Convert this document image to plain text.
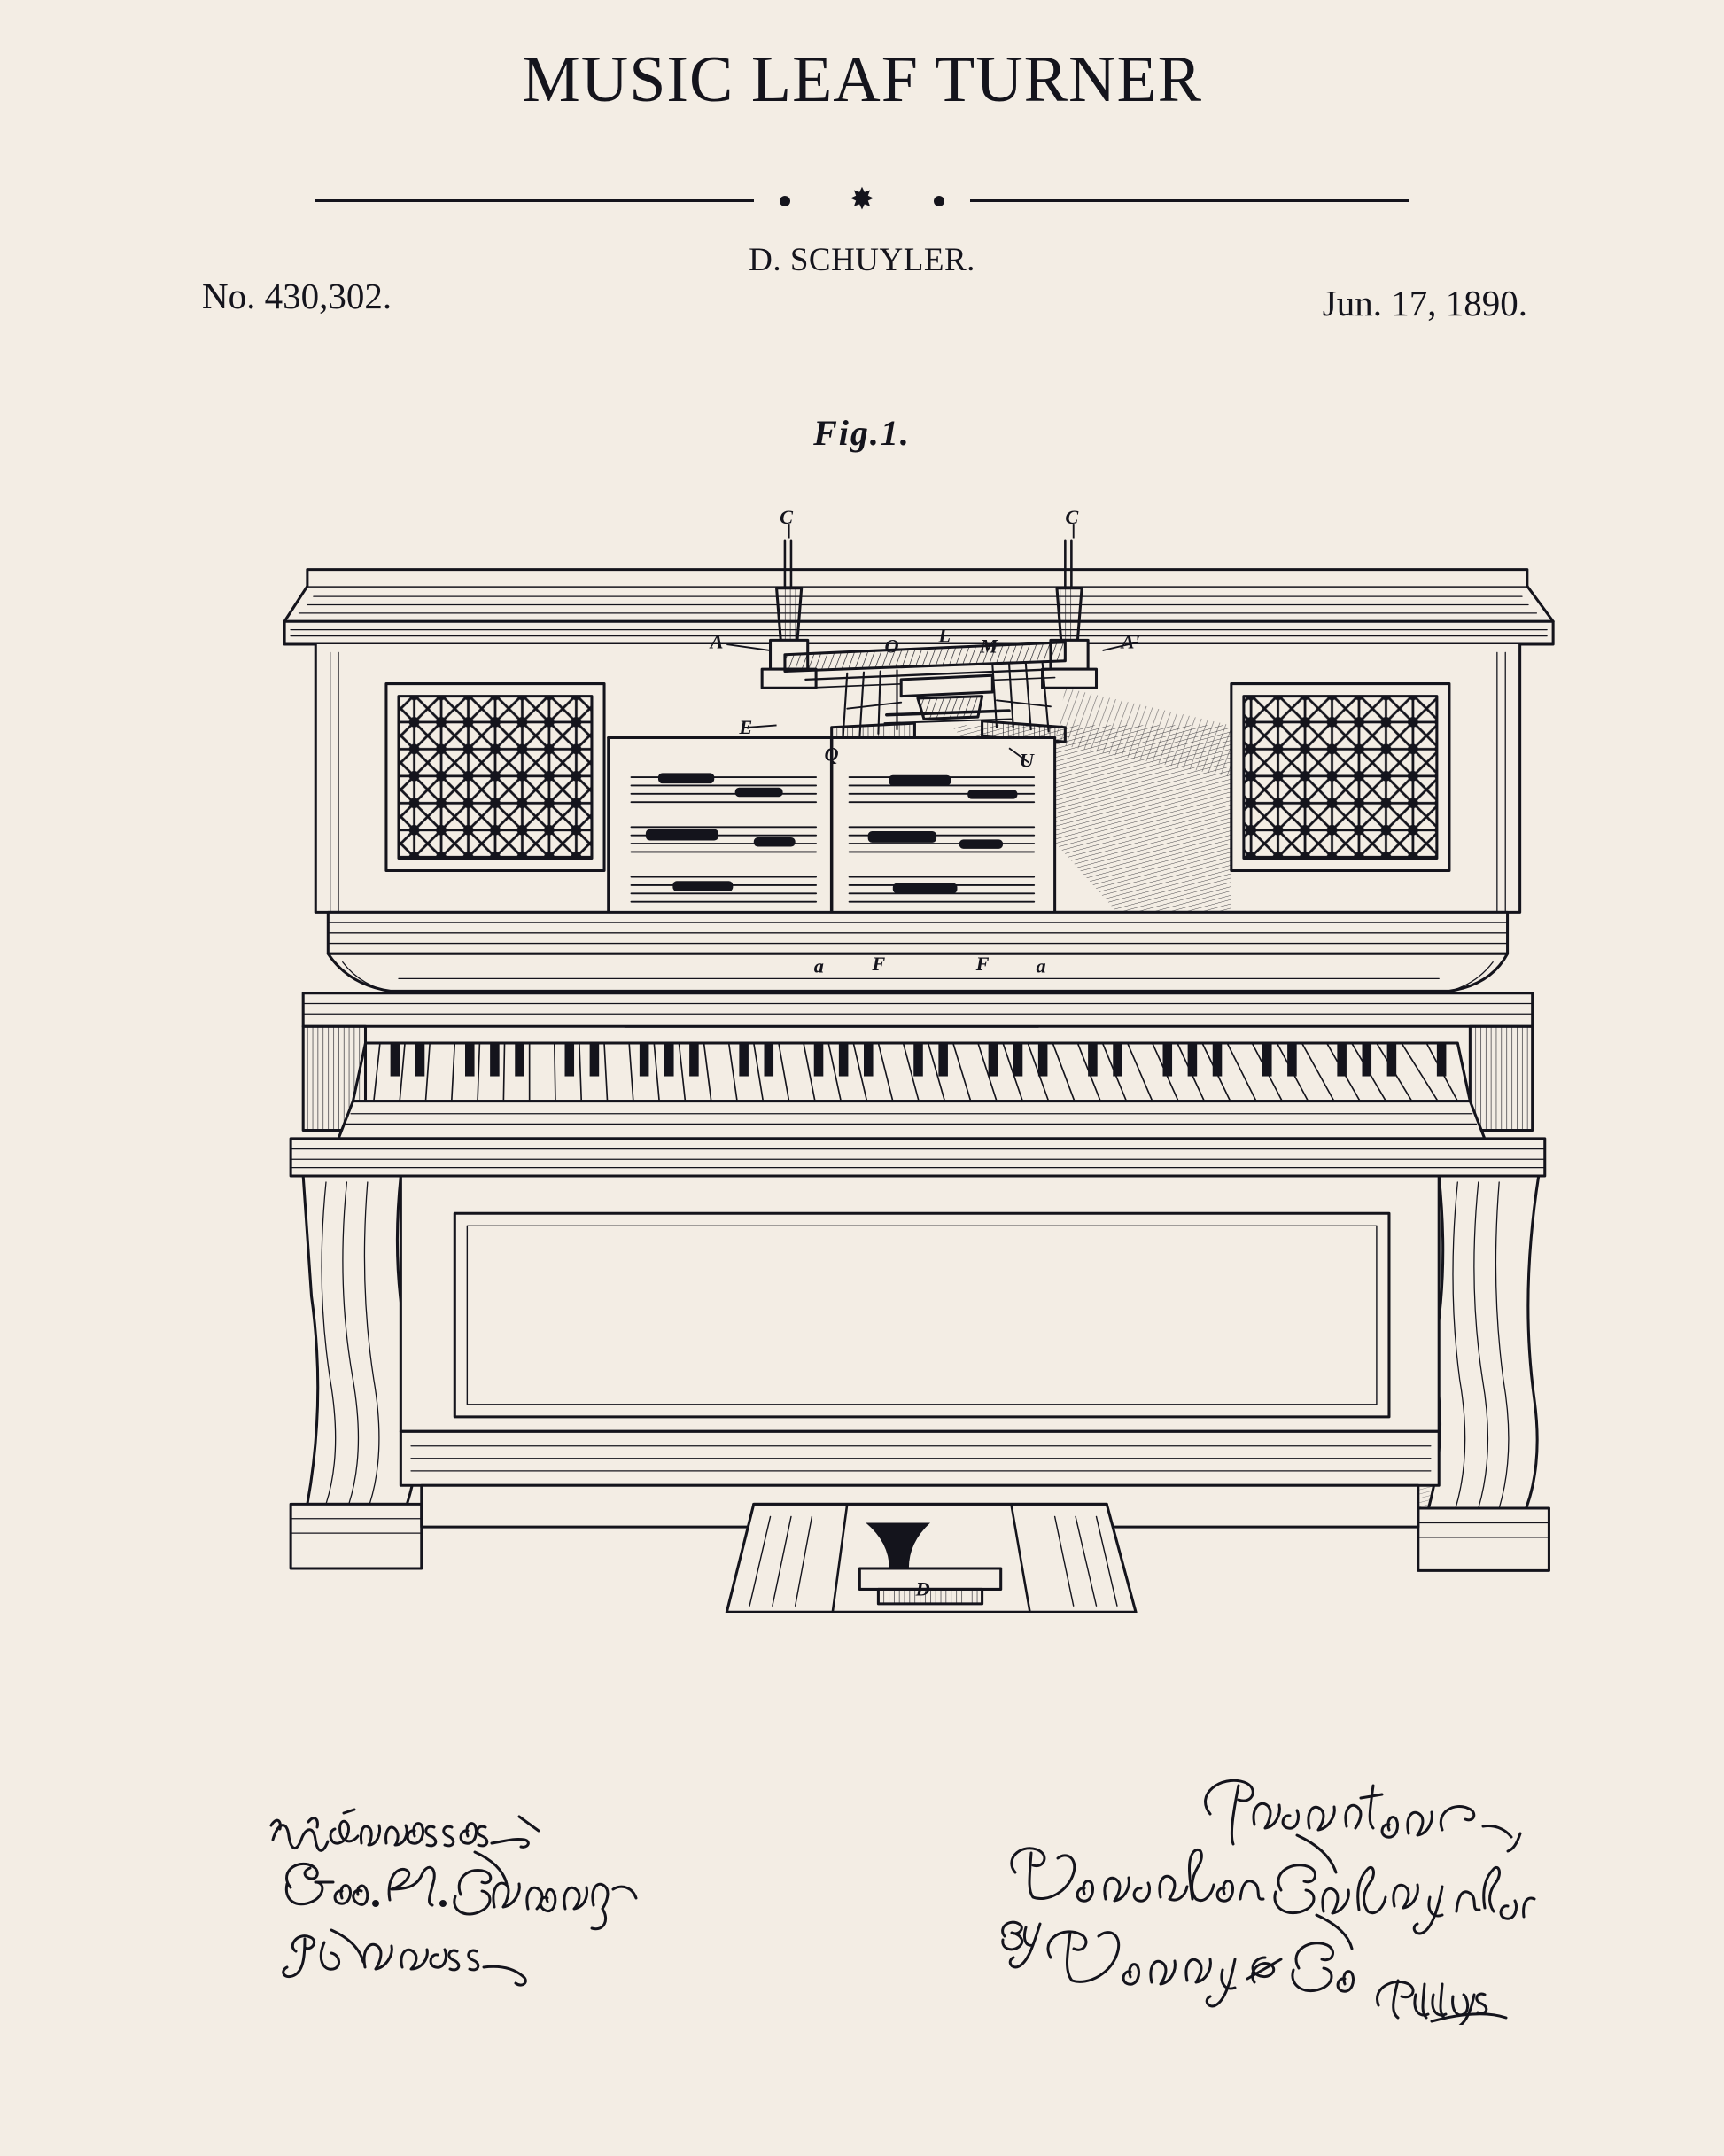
MUSIC LEAF TURNER
✸
D. SCHUYLER.
No. 430,302.	Jun. 17, 1890.
Fig.1.
C	C
A	A'
O L M
E
Q	U
a	F	F	a
D
